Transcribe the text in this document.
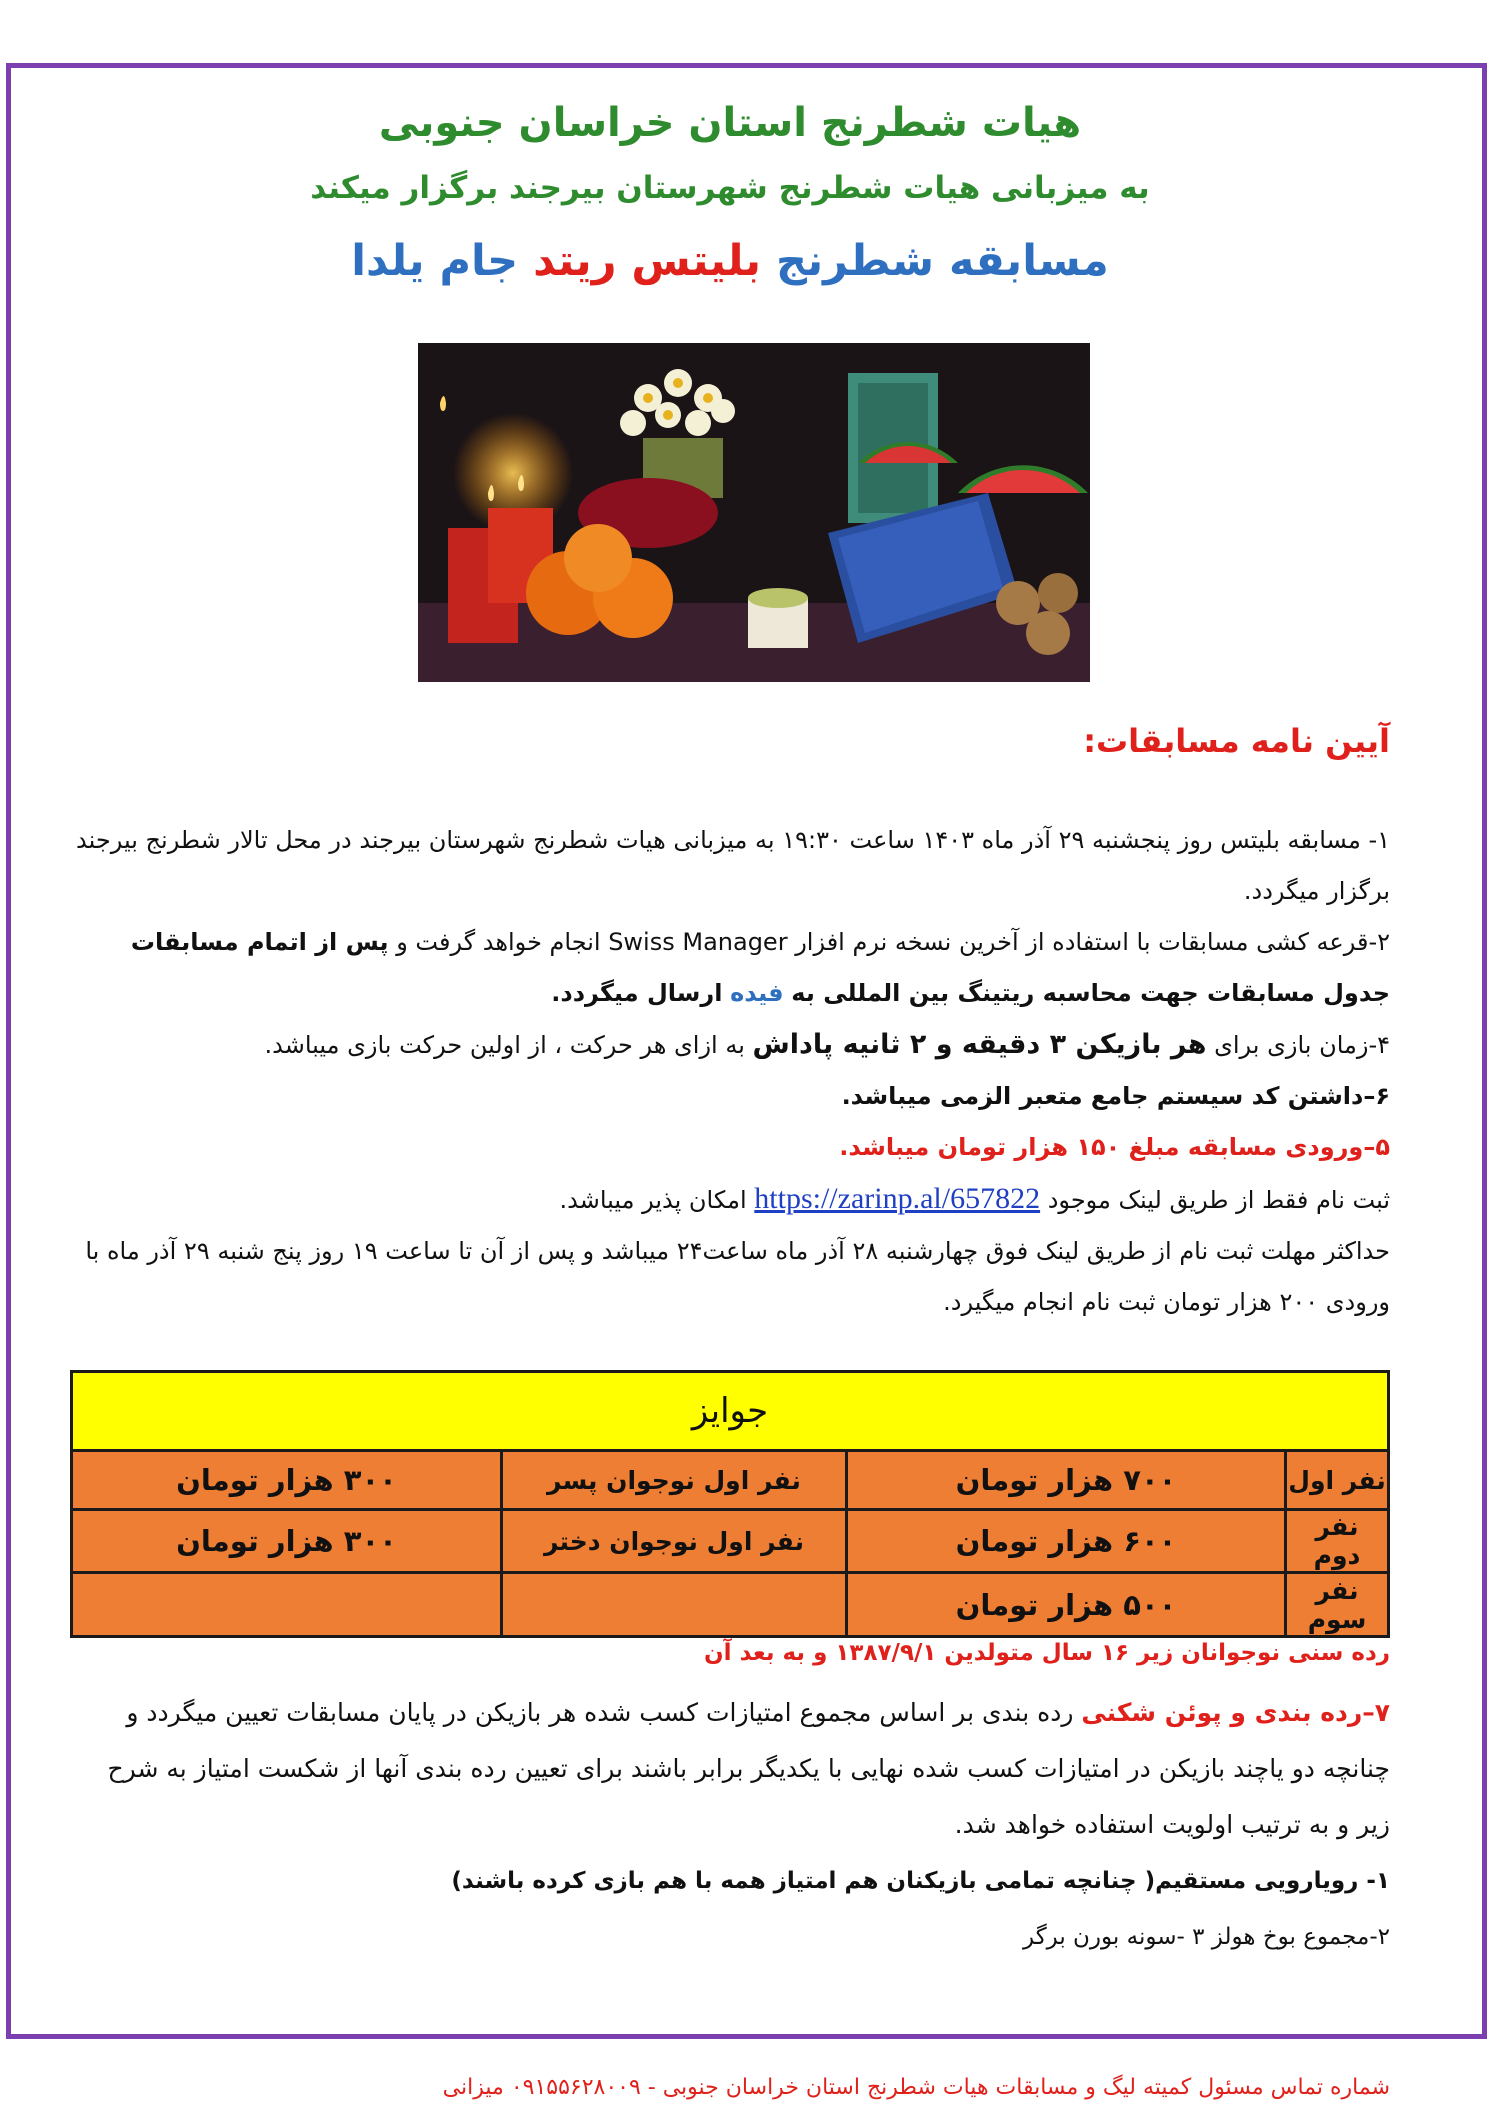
هیات شطرنج استان خراسان جنوبی
به میزبانی هیات شطرنج شهرستان بیرجند برگزار میکند
مسابقه شطرنج بلیتس ریتد جام یلدا
آیین نامه مسابقات:

۱- مسابقه بلیتس روز پنجشنبه ۲۹ آذر ماه ۱۴۰۳ ساعت ۱۹:۳۰ به میزبانی هیات شطرنج شهرستان بیرجند در محل تالار شطرنج بیرجند برگزار میگردد.

۲-قرعه کشی مسابقات با استفاده از آخرین نسخه نرم افزار Swiss Manager انجام خواهد گرفت و پس از اتمام مسابقات جدول مسابقات جهت محاسبه ریتینگ بین المللی به فیده ارسال میگردد.

۴-زمان بازی برای هر بازیکن ۳ دقیقه و ۲ ثانیه پاداش به ازای هر حرکت ، از اولین حرکت بازی میباشد.

۶–داشتن کد سیستم جامع متعبر الزمی میباشد.

۵–ورودی مسابقه مبلغ ۱۵۰ هزار تومان میباشد.

ثبت نام فقط از طریق لینک موجود https://zarinp.al/657822 امکان پذیر میباشد.

حداکثر مهلت ثبت نام از طریق لینک فوق چهارشنبه ۲۸ آذر ماه ساعت۲۴ میباشد و پس از آن تا ساعت ۱۹ روز پنج شنبه ۲۹ آذر ماه با ورودی ۲۰۰ هزار تومان ثبت نام انجام میگیرد.

جوایز			
نفر اول	۷۰۰ هزار تومان	نفر اول نوجوان پسر	۳۰۰ هزار تومان
نفر دوم	۶۰۰ هزار تومان	نفر اول نوجوان دختر	۳۰۰ هزار تومان
نفر سوم	۵۰۰ هزار تومان		
رده سنی نوجوانان زیر ۱۶ سال متولدین ۱۳۸۷/۹/۱ و به بعد آن

۷–رده بندی و پوئن شکنی رده بندی بر اساس مجموع امتیازات کسب شده هر بازیکن در پایان مسابقات تعیین میگردد و چنانچه دو یاچند بازیکن در امتیازات کسب شده نهایی با یکدیگر برابر باشند برای تعیین رده بندی آنها از شکست امتیاز به شرح زیر و به ترتیب اولویت استفاده خواهد شد.

۱- رویارویی مستقیم( چنانچه تمامی بازیکنان هم امتیاز همه با هم بازی کرده باشند)

۲-مجموع بوخ هولز ۳ -سونه بورن برگر

شماره تماس مسئول کمیته لیگ و مسابقات هیات شطرنج استان خراسان جنوبی - ۰۹۱۵۵۶۲۸۰۰۹ میزانی
